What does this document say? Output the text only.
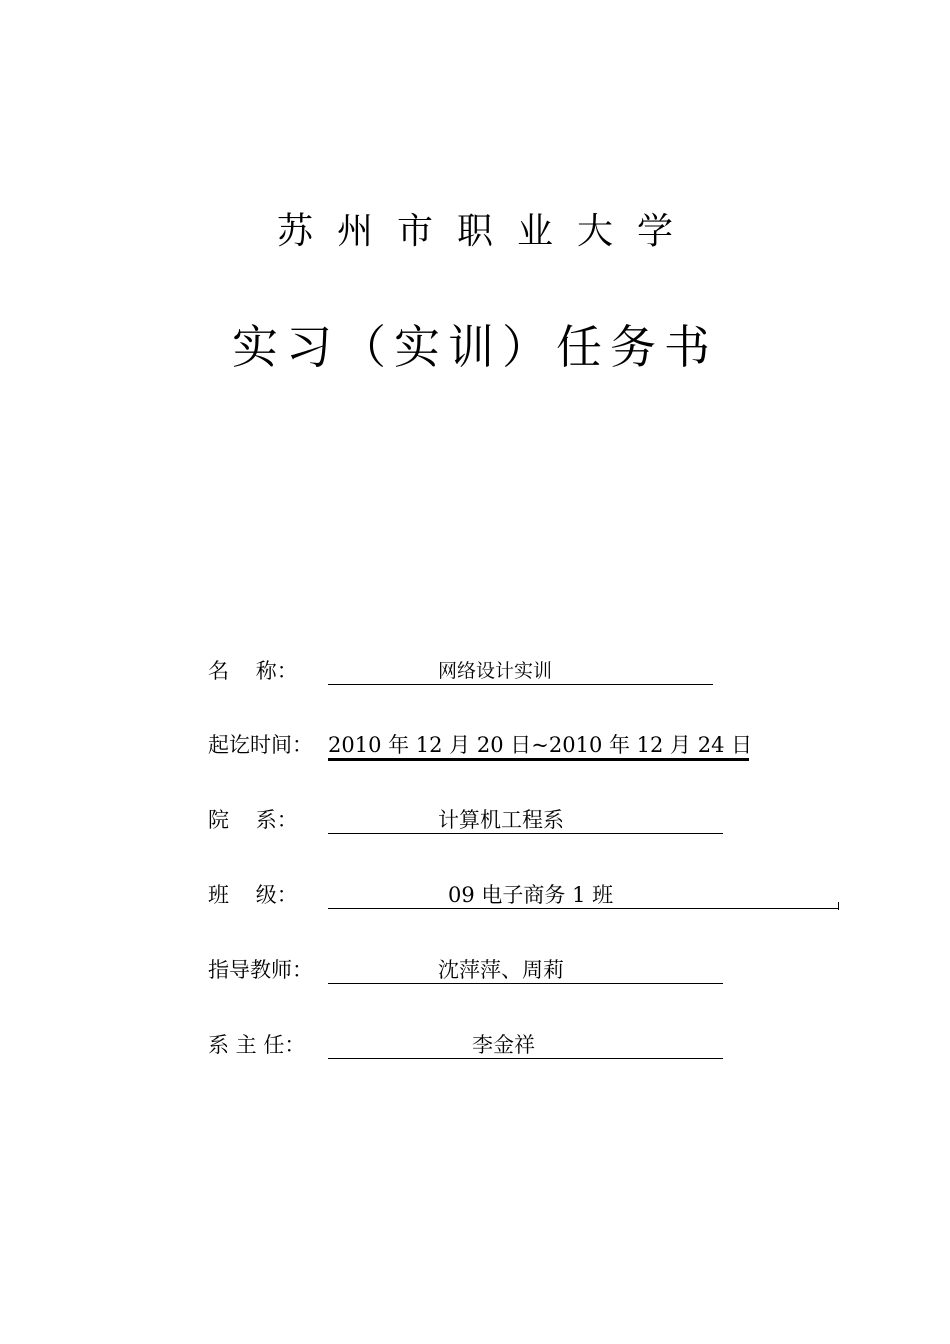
苏州市职业大学
实习（实训）任务书
名    称：	网络设计实训
起讫时间： 2010 年 12 月 20 日~2010 年 12 月 24 日
院    系：	计算机工程系
班    级：	09 电子商务 1 班
指导教师：	沈萍萍、周莉
系 主 任：	李金祥
